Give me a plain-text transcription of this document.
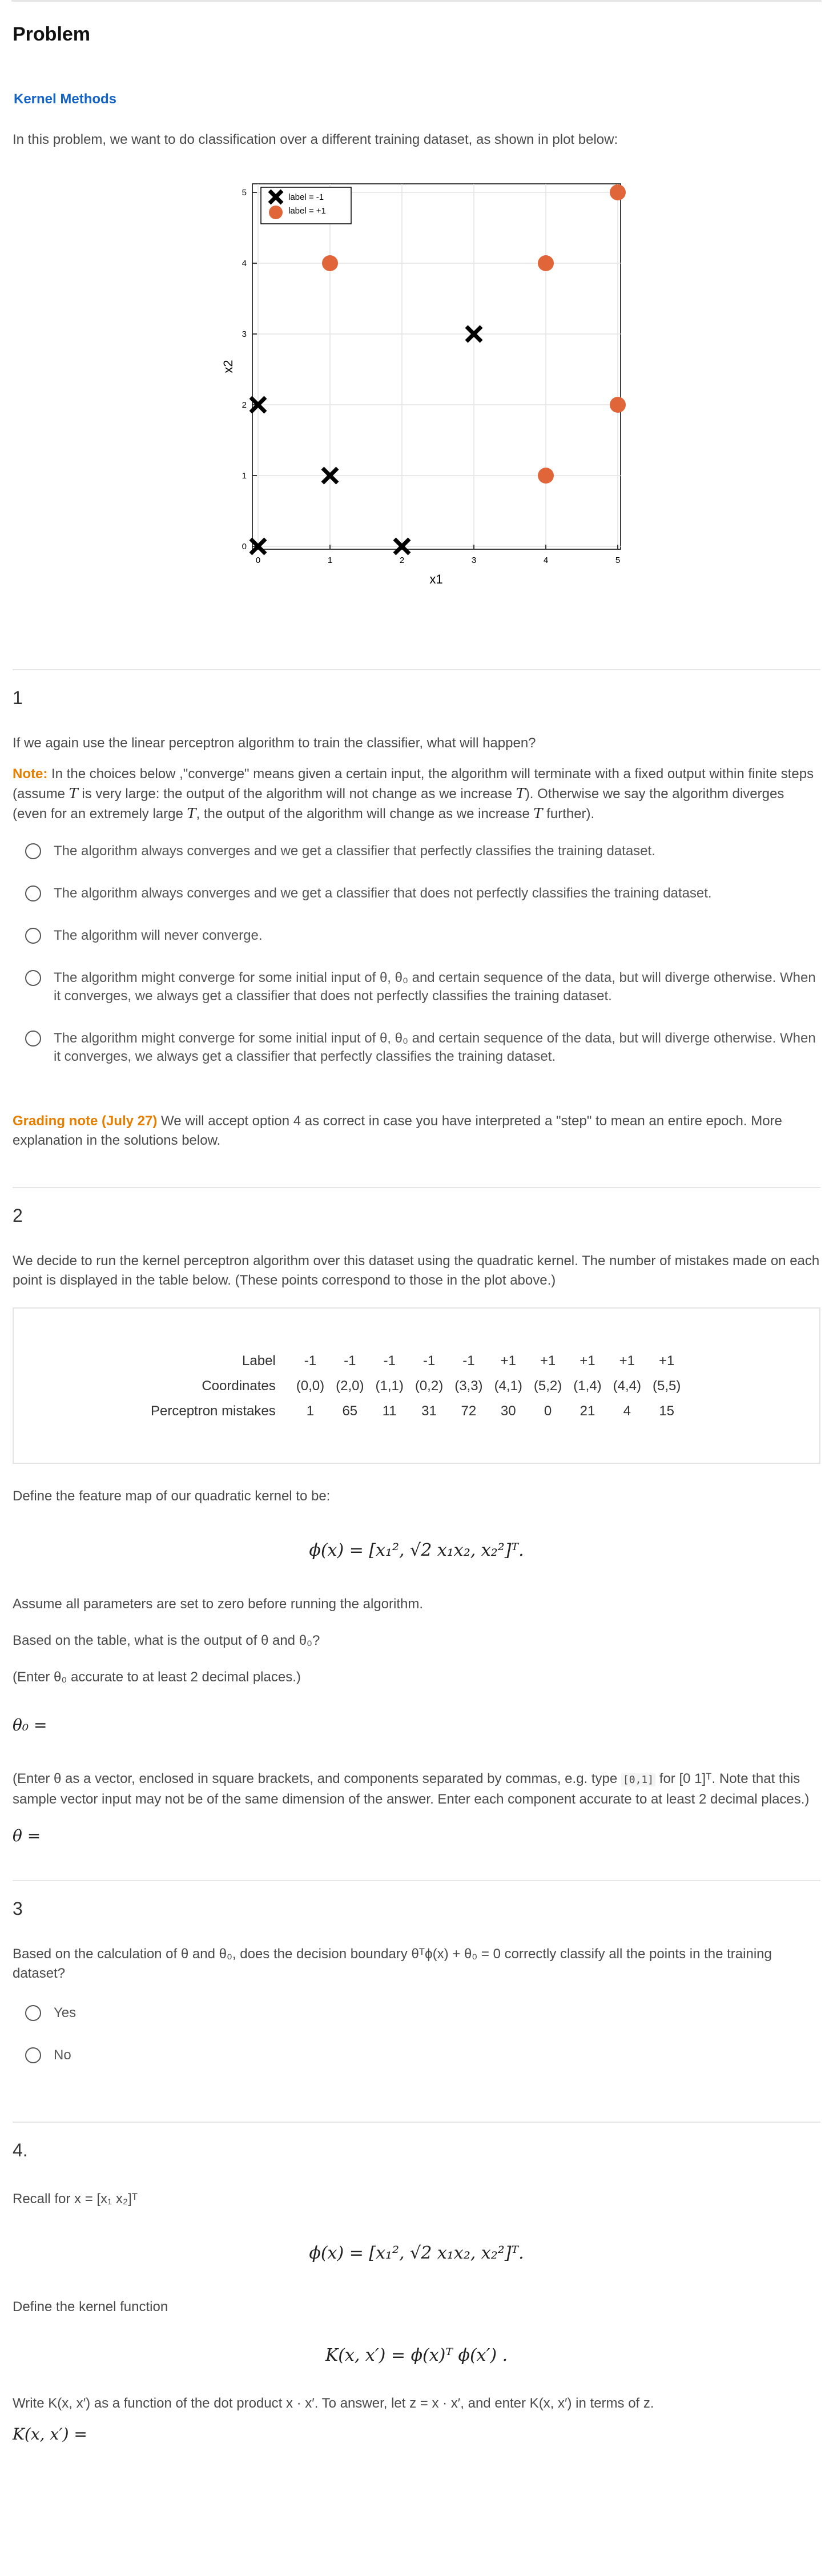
Problem
Kernel Methods
In this problem, we want to do classification over a different training dataset, as shown in plot below:
0	1	2	3	4	5
0
1
2
3
4
5	label = -1
label = +1
x1
x2
1
If we again use the linear perceptron algorithm to train the classifier, what will happen?
Note: In the choices below ,"converge" means given a certain input, the algorithm will terminate with a fixed output within finite steps (assume T is very large: the output of the algorithm will not change as we increase T). Otherwise we say the algorithm diverges (even for an extremely large T, the output of the algorithm will change as we increase T further).
The algorithm always converges and we get a classifier that perfectly classifies the training dataset.
The algorithm always converges and we get a classifier that does not perfectly classifies the training dataset.
The algorithm will never converge.
The algorithm might converge for some initial input of θ, θ₀ and certain sequence of the data, but will diverge otherwise. When it converges, we always get a classifier that does not perfectly classifies the training dataset.
The algorithm might converge for some initial input of θ, θ₀ and certain sequence of the data, but will diverge otherwise. When it converges, we always get a classifier that perfectly classifies the training dataset.
Grading note (July 27) We will accept option 4 as correct in case you have interpreted a "step" to mean an entire epoch. More explanation in the solutions below.
2
We decide to run the kernel perceptron algorithm over this dataset using the quadratic kernel. The number of mistakes made on each point is displayed in the table below. (These points correspond to those in the plot above.)
Label	-1	-1	-1	-1	-1	+1	+1	+1	+1	+1
Coordinates	(0,0)	(2,0)	(1,1)	(0,2)	(3,3)	(4,1)	(5,2)	(1,4)	(4,4)	(5,5)
Perceptron mistakes	1	65	11	31	72	30	0	21	4	15
Define the feature map of our quadratic kernel to be:
ϕ(x) = [x₁², √2 x₁x₂, x₂²]ᵀ.
Assume all parameters are set to zero before running the algorithm.
Based on the table, what is the output of θ and θ₀?
(Enter θ₀ accurate to at least 2 decimal places.)
θ₀ =
(Enter θ as a vector, enclosed in square brackets, and components separated by commas, e.g. type [0,1] for [0 1]ᵀ. Note that this sample vector input may not be of the same dimension of the answer. Enter each component accurate to at least 2 decimal places.)
θ =
3
Based on the calculation of θ and θ₀, does the decision boundary θᵀϕ(x) + θ₀ = 0 correctly classify all the points in the training dataset?
Yes
No
4.
Recall for x = [x₁ x₂]ᵀ
ϕ(x) = [x₁², √2 x₁x₂, x₂²]ᵀ.
Define the kernel function
K(x, x′) = ϕ(x)ᵀ ϕ(x′) .
Write K(x, x′) as a function of the dot product x · x′. To answer, let z = x · x′, and enter K(x, x′) in terms of z.
K(x, x′) =
